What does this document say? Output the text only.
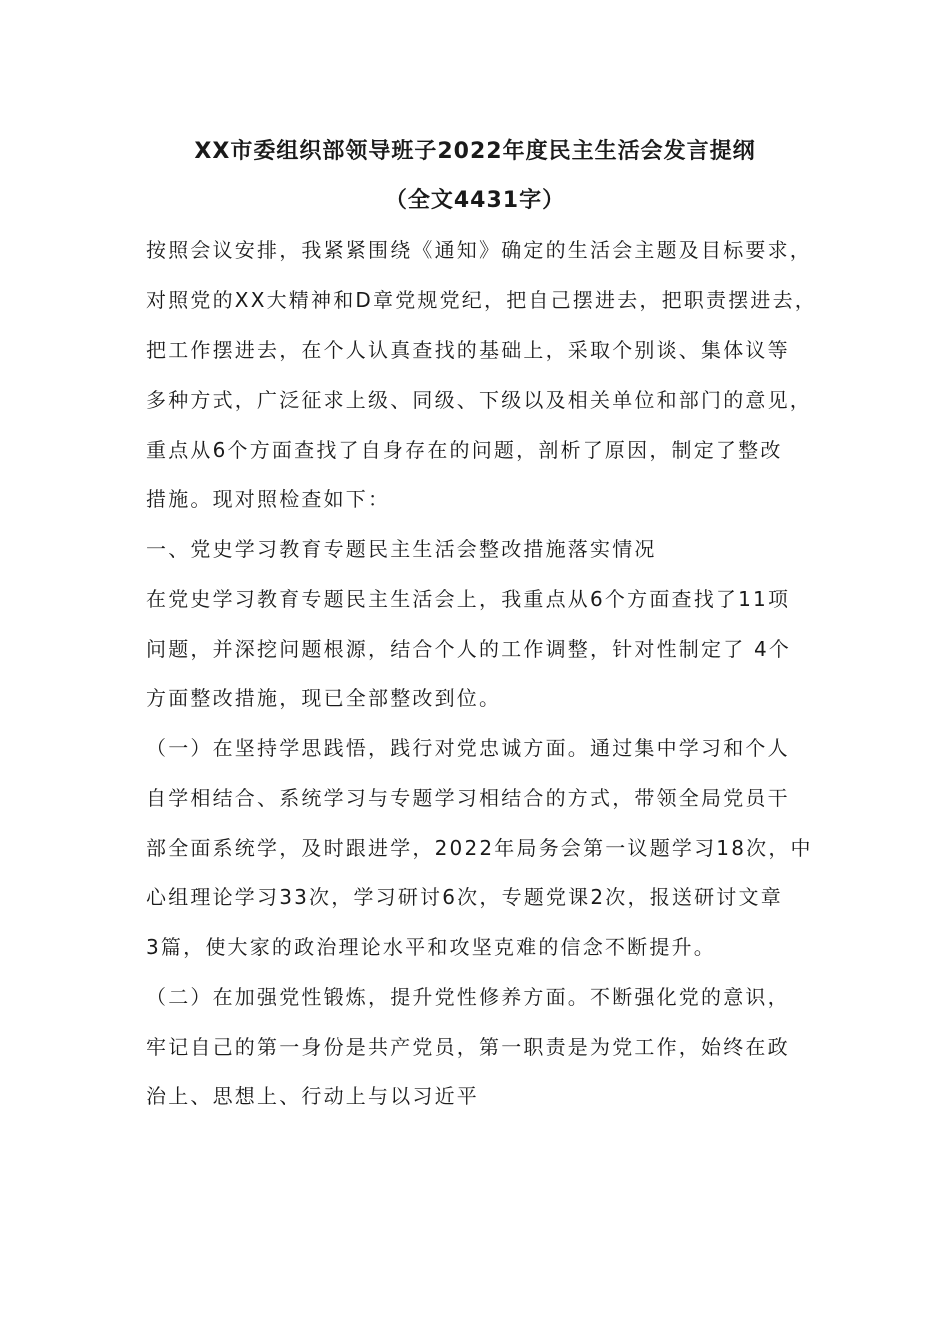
XX市委组织部领导班子2022年度民主生活会发言提纲
（全文4431字）

按照会议安排，我紧紧围绕《通知》确定的生活会主题及目标要求，

对照党的XX大精神和D章党规党纪，把自己摆进去，把职责摆进去，

把工作摆进去，在个人认真查找的基础上，采取个别谈、集体议等

多种方式，广泛征求上级、同级、下级以及相关单位和部门的意见，

重点从6个方面查找了自身存在的问题，剖析了原因，制定了整改

措施。现对照检查如下：

一、党史学习教育专题民主生活会整改措施落实情况

在党史学习教育专题民主生活会上，我重点从6个方面查找了11项

问题，并深挖问题根源，结合个人的工作调整，针对性制定了 4个

方面整改措施，现已全部整改到位。

（一）在坚持学思践悟，践行对党忠诚方面。通过集中学习和个人

自学相结合、系统学习与专题学习相结合的方式，带领全局党员干

部全面系统学，及时跟进学，2022年局务会第一议题学习18次，中

心组理论学习33次，学习研讨6次，专题党课2次，报送研讨文章

3篇，使大家的政治理论水平和攻坚克难的信念不断提升。

（二）在加强党性锻炼，提升党性修养方面。不断强化党的意识，

牢记自己的第一身份是共产党员，第一职责是为党工作，始终在政

治上、思想上、行动上与以习近平
